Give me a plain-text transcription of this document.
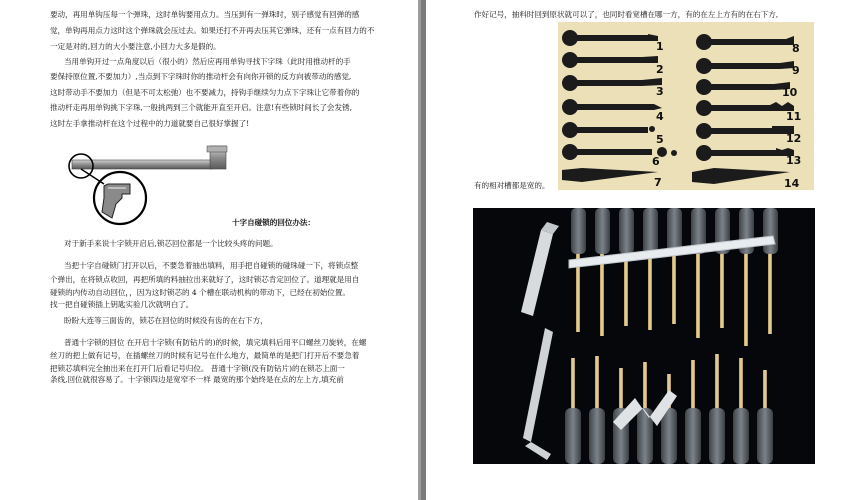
要动，再用单钩压每一个弹珠，这时单钩要用点力。当压到有一弹珠时，别子感觉有回弹的感
觉，单钩再用点力这时这个弹珠就会压过去。如果还打不开再去压其它弹珠，还有一点有回力的不
一定是对的,回力的大小要注意,小回力大多是假的。
当用单钩开过一点角度以后（很小的）然后应再用单钩寻找下字珠（此时用推动杆的手
要保持原位置,不要加力）,当点到下字珠时你的推动杆会有向你开锁的反方向被带动的感觉,
这时带动手不要加力（但是不可太松弛）也不要减力，持钩手继续匀力点下字珠让它带着你的
推动杆走再用单钩挑下字珠,一般挑两到三个就能开直至开启。注意!有些锁时间长了会发锈,
这时左手拿推动杆在这个过程中的力道就要自己很好掌握了!
十字自碰锁的回位办法：
对于新手来说十字锁开启后,锁芯回位都是一个比较头疼的问题。
当把十字自碰锁门打开以后，不要急着抽出填料，用手把自碰锁的碰珠碰一下，将锁点整
个弹出，在将锁点收回，再把所填的料抽拉出来就好了，这时锁芯肯定回位了。道理就是用自
碰锁的内传动自动回位，，因为这时锁芯的 4 个槽在联动机构的带动下，已经在初始位置。
找一把自碰锁插上钥匙实验几次就明白了。
盼盼大连等三面齿的，锁芯在回位的时候没有齿的在右下方，
普通十字锁的回位 在开启十字锁(有防钻片的)的时候，填完填料后用平口螺丝刀旋转，在螺
丝刀的把上做有记号，在插螺丝刀的时候有记号在什么地方，最简单的是把门打开后不要急着
把锁芯填料完全抽出来在打开门后看记号归位。 普通十字锁(没有防钻片)的在锁芯上面一
条线,回位就很容易了。十字锁四边是宽窄不一样 最宽的那个始终是在点的左上方,填充前
作好记号，抽料时回到原状就可以了，也同时看宽槽在哪一方，有的在左上方有的在右下方,
1
2
3
4
5
6
7
8
9
10
11
12
13
14
有的相对槽都是宽的。
